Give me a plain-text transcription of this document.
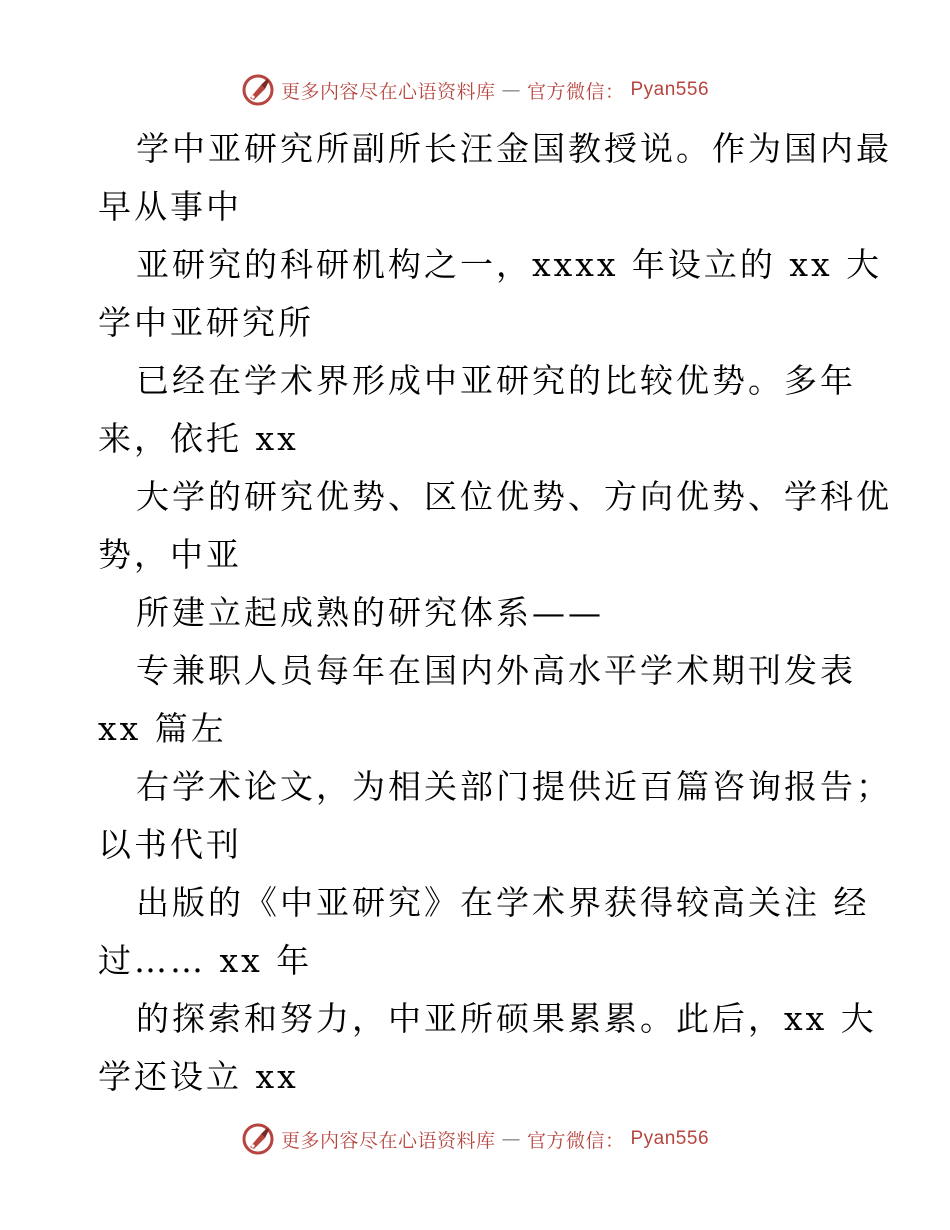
更多内容尽在心语资料库 — 官方微信： Pyan556

学中亚研究所副所长汪金国教授说。作为国内最
早从事中

亚研究的科研机构之一，xxxx 年设立的 xx 大
学中亚研究所

已经在学术界形成中亚研究的比较优势。多年
来，依托 xx

大学的研究优势、区位优势、方向优势、学科优
势，中亚

所建立起成熟的研究体系——

专兼职人员每年在国内外高水平学术期刊发表
xx 篇左

右学术论文，为相关部门提供近百篇咨询报告；
以书代刊

出版的《中亚研究》在学术界获得较高关注 经
过…… xx 年

的探索和努力，中亚所硕果累累。此后，xx 大
学还设立 xx

更多内容尽在心语资料库 — 官方微信： Pyan556
